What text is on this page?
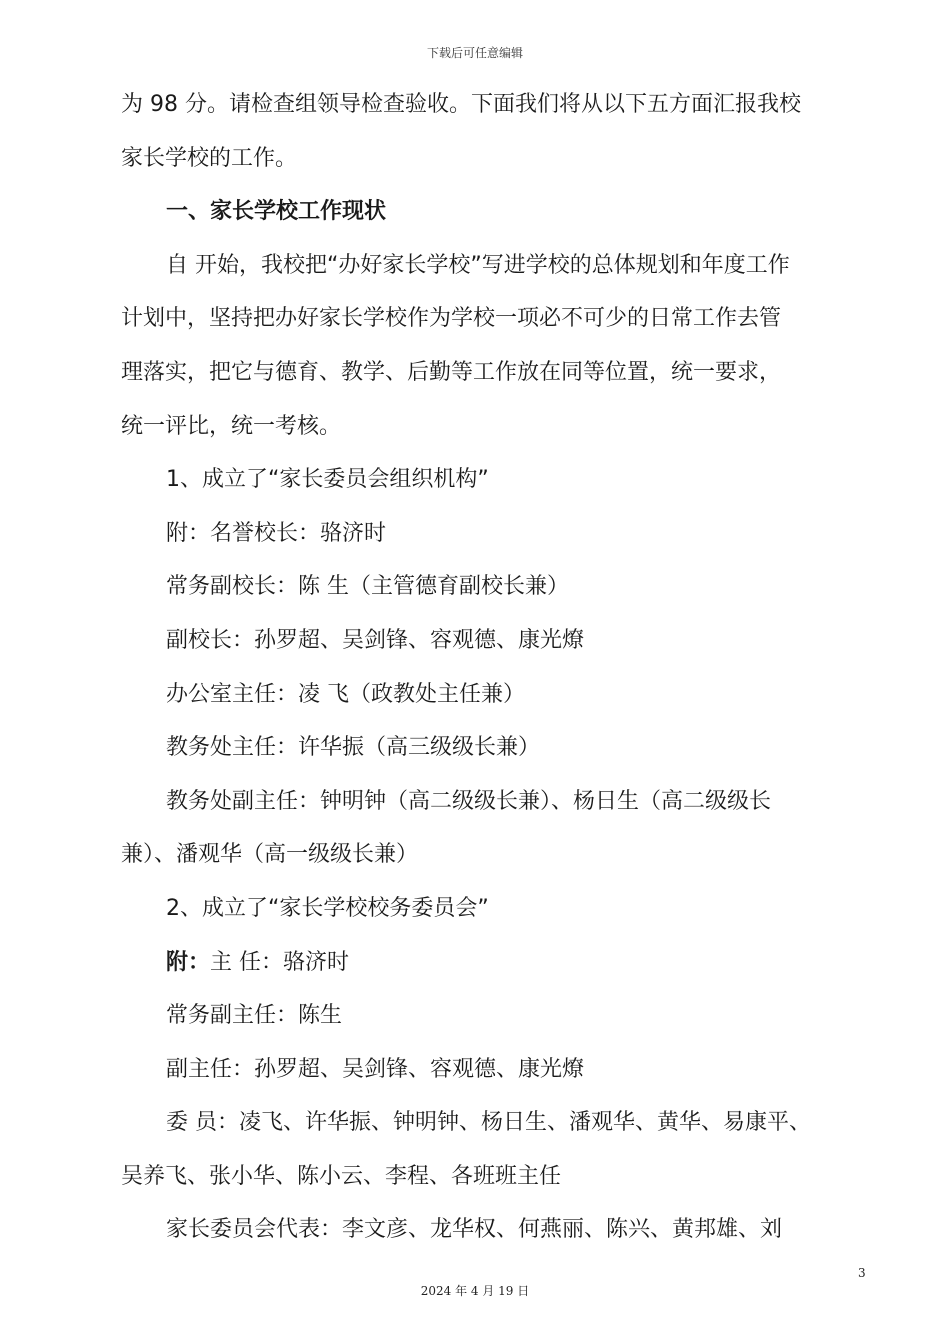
下载后可任意编辑
为 98 分。请检查组领导检查验收。下面我们将从以下五方面汇报我校
家长学校的工作。
一、家长学校工作现状
自 开始，我校把“办好家长学校”写进学校的总体规划和年度工作
计划中，坚持把办好家长学校作为学校一项必不可少的日常工作去管
理落实，把它与德育、教学、后勤等工作放在同等位置，统一要求，
统一评比，统一考核。
1、成立了“家长委员会组织机构”
附：名誉校长：骆济时
常务副校长：陈 生（主管德育副校长兼）
副校长：孙罗超、吴剑锋、容观德、康光燎
办公室主任：凌 飞（政教处主任兼）
教务处主任：许华振（高三级级长兼）
教务处副主任：钟明钟（高二级级长兼）、杨日生（高二级级长
兼）、潘观华（高一级级长兼）
2、成立了“家长学校校务委员会”
附：主 任：骆济时
常务副主任：陈生
副主任：孙罗超、吴剑锋、容观德、康光燎
委 员：凌飞、许华振、钟明钟、杨日生、潘观华、黄华、易康平、
吴养飞、张小华、陈小云、李程、各班班主任
家长委员会代表：李文彦、龙华权、何燕丽、陈兴、黄邦雄、刘
3
2024 年 4 月 19 日
